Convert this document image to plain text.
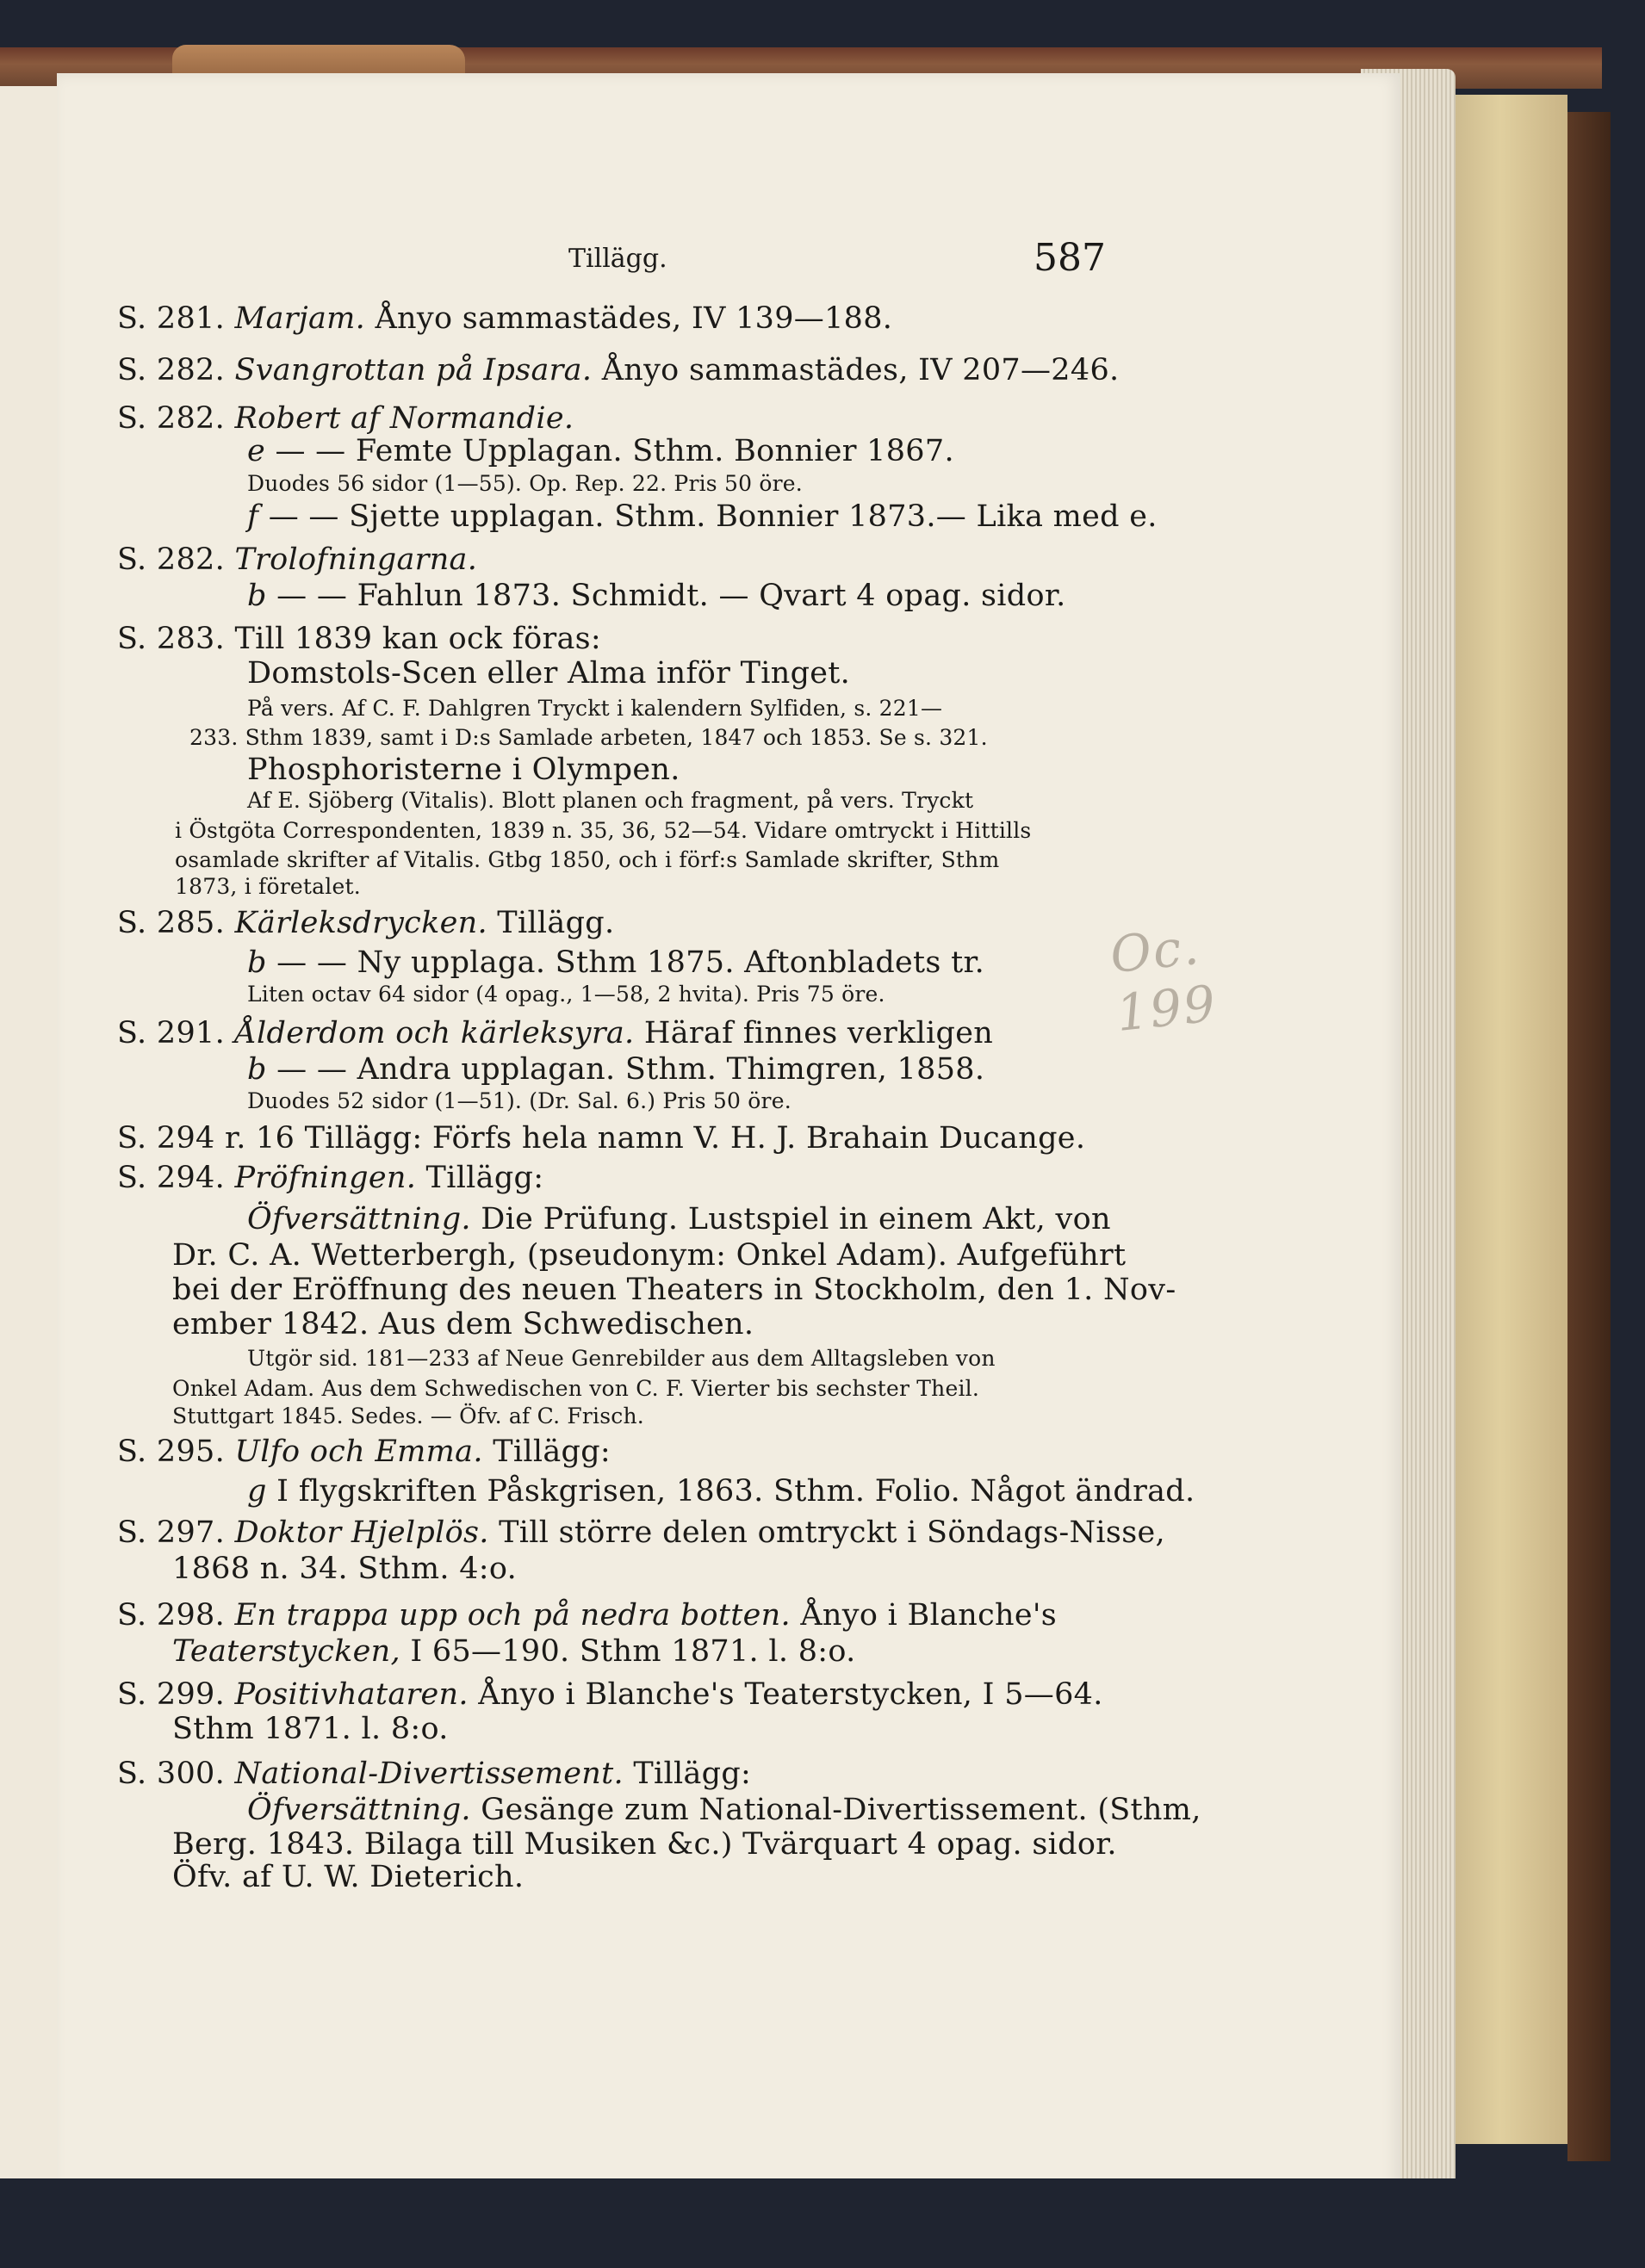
Oc. 199
Tillägg.	587
S. 281. Marjam. Ånyo sammastädes, IV 139—188.
S. 282. Svangrottan på Ipsara. Ånyo sammastädes, IV 207—246.
S. 282. Robert af Normandie.
e — — Femte Upplagan. Sthm. Bonnier 1867.
Duodes 56 sidor (1—55). Op. Rep. 22. Pris 50 öre.
f — — Sjette upplagan. Sthm. Bonnier 1873.— Lika med e.
S. 282. Trolofningarna.
b — — Fahlun 1873. Schmidt. — Qvart 4 opag. sidor.
S. 283. Till 1839 kan ock föras:
Domstols-Scen eller Alma inför Tinget.
På vers. Af C. F. Dahlgren Tryckt i kalendern Sylfiden, s. 221—
233. Sthm 1839, samt i D:s Samlade arbeten, 1847 och 1853. Se s. 321.
Phosphoristerne i Olympen.
Af E. Sjöberg (Vitalis). Blott planen och fragment, på vers. Tryckt
i Östgöta Correspondenten, 1839 n. 35, 36, 52—54. Vidare omtryckt i Hittills
osamlade skrifter af Vitalis. Gtbg 1850, och i förf:s Samlade skrifter, Sthm
1873, i företalet.
S. 285. Kärleksdrycken. Tillägg.
b — — Ny upplaga. Sthm 1875. Aftonbladets tr.
Liten octav 64 sidor (4 opag., 1—58, 2 hvita). Pris 75 öre.
S. 291. Ålderdom och kärleksyra. Häraf finnes verkligen
b — — Andra upplagan. Sthm. Thimgren, 1858.
Duodes 52 sidor (1—51). (Dr. Sal. 6.) Pris 50 öre.
S. 294 r. 16 Tillägg: Förfs hela namn V. H. J. Brahain Ducange.
S. 294. Pröfningen. Tillägg:
Öfversättning. Die Prüfung. Lustspiel in einem Akt, von
Dr. C. A. Wetterbergh, (pseudonym: Onkel Adam). Aufgeführt
bei der Eröffnung des neuen Theaters in Stockholm, den 1. Nov-
ember 1842. Aus dem Schwedischen.
Utgör sid. 181—233 af Neue Genrebilder aus dem Alltagsleben von
Onkel Adam. Aus dem Schwedischen von C. F. Vierter bis sechster Theil.
Stuttgart 1845. Sedes. — Öfv. af C. Frisch.
S. 295. Ulfo och Emma. Tillägg:
g I flygskriften Påskgrisen, 1863. Sthm. Folio. Något ändrad.
S. 297. Doktor Hjelplös. Till större delen omtryckt i Söndags-Nisse,
1868 n. 34. Sthm. 4:o.
S. 298. En trappa upp och på nedra botten. Ånyo i Blanche's
Teaterstycken, I 65—190. Sthm 1871. l. 8:o.
S. 299. Positivhataren. Ånyo i Blanche's Teaterstycken, I 5—64.
Sthm 1871. l. 8:o.
S. 300. National-Divertissement. Tillägg:
Öfversättning. Gesänge zum National-Divertissement. (Sthm,
Berg. 1843. Bilaga till Musiken &c.) Tvärquart 4 opag. sidor.
Öfv. af U. W. Dieterich.
